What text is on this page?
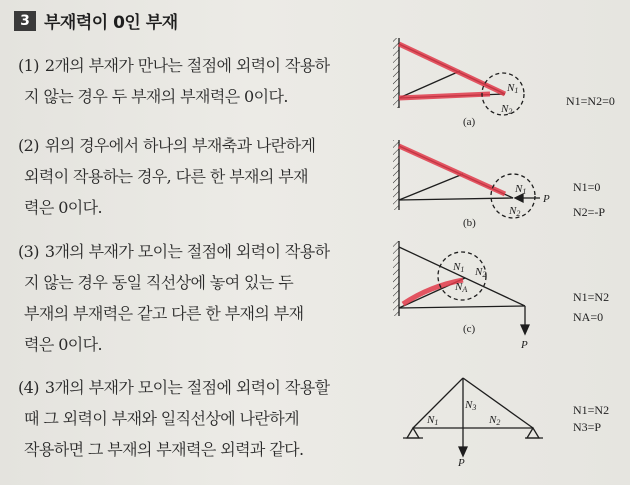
3 부재력이 0인 부재
(1) 2개의 부재가 만나는 절점에 외력이 작용하
지 않는 경우 두 부재의 부재력은 0이다.
(2) 위의 경우에서 하나의 부재축과 나란하게
외력이 작용하는 경우, 다른 한 부재의 부재
력은 0이다.
(3) 3개의 부재가 모이는 절점에 외력이 작용하
지 않는 경우 동일 직선상에 놓여 있는 두
부재의 부재력은 같고 다른 한 부재의 부재
력은 0이다.
(4) 3개의 부재가 모이는 절점에 외력이 작용할
때 그 외력이 부재와 일직선상에 나란하게
작용하면 그 부재의 부재력은 외력과 같다.
N1
N2
(a)
N1
N2
P
(b)
N1 N2
NA
P
(c)
N3
N1	N2
P
N1=N2=0
N1=0
N2=-P
N1=N2
NA=0
N1=N2
N3=P
